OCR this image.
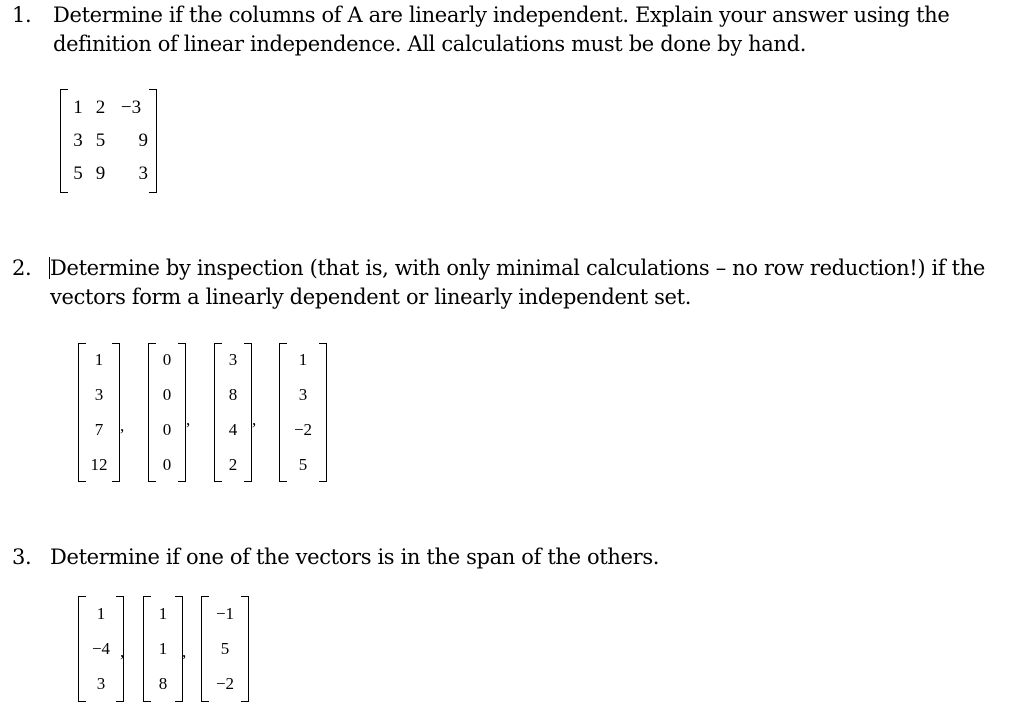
1. Determine if the columns of A are linearly independent. Explain your answer using the
definition of linear independence. All calculations must be done by hand.
1 2 −3
3 5	9
5 9	3
2. Determine by inspection (that is, with only minimal calculations – no row reduction!) if the
vectors form a linearly dependent or linearly independent set.
1
3
7
12
,
0
0
0
0
,
3
8
4
2
,
1
3
−2
5
3. Determine if one of the vectors is in the span of the others.
1
−4
3
,
1
1
8
,
−1
5
−2
